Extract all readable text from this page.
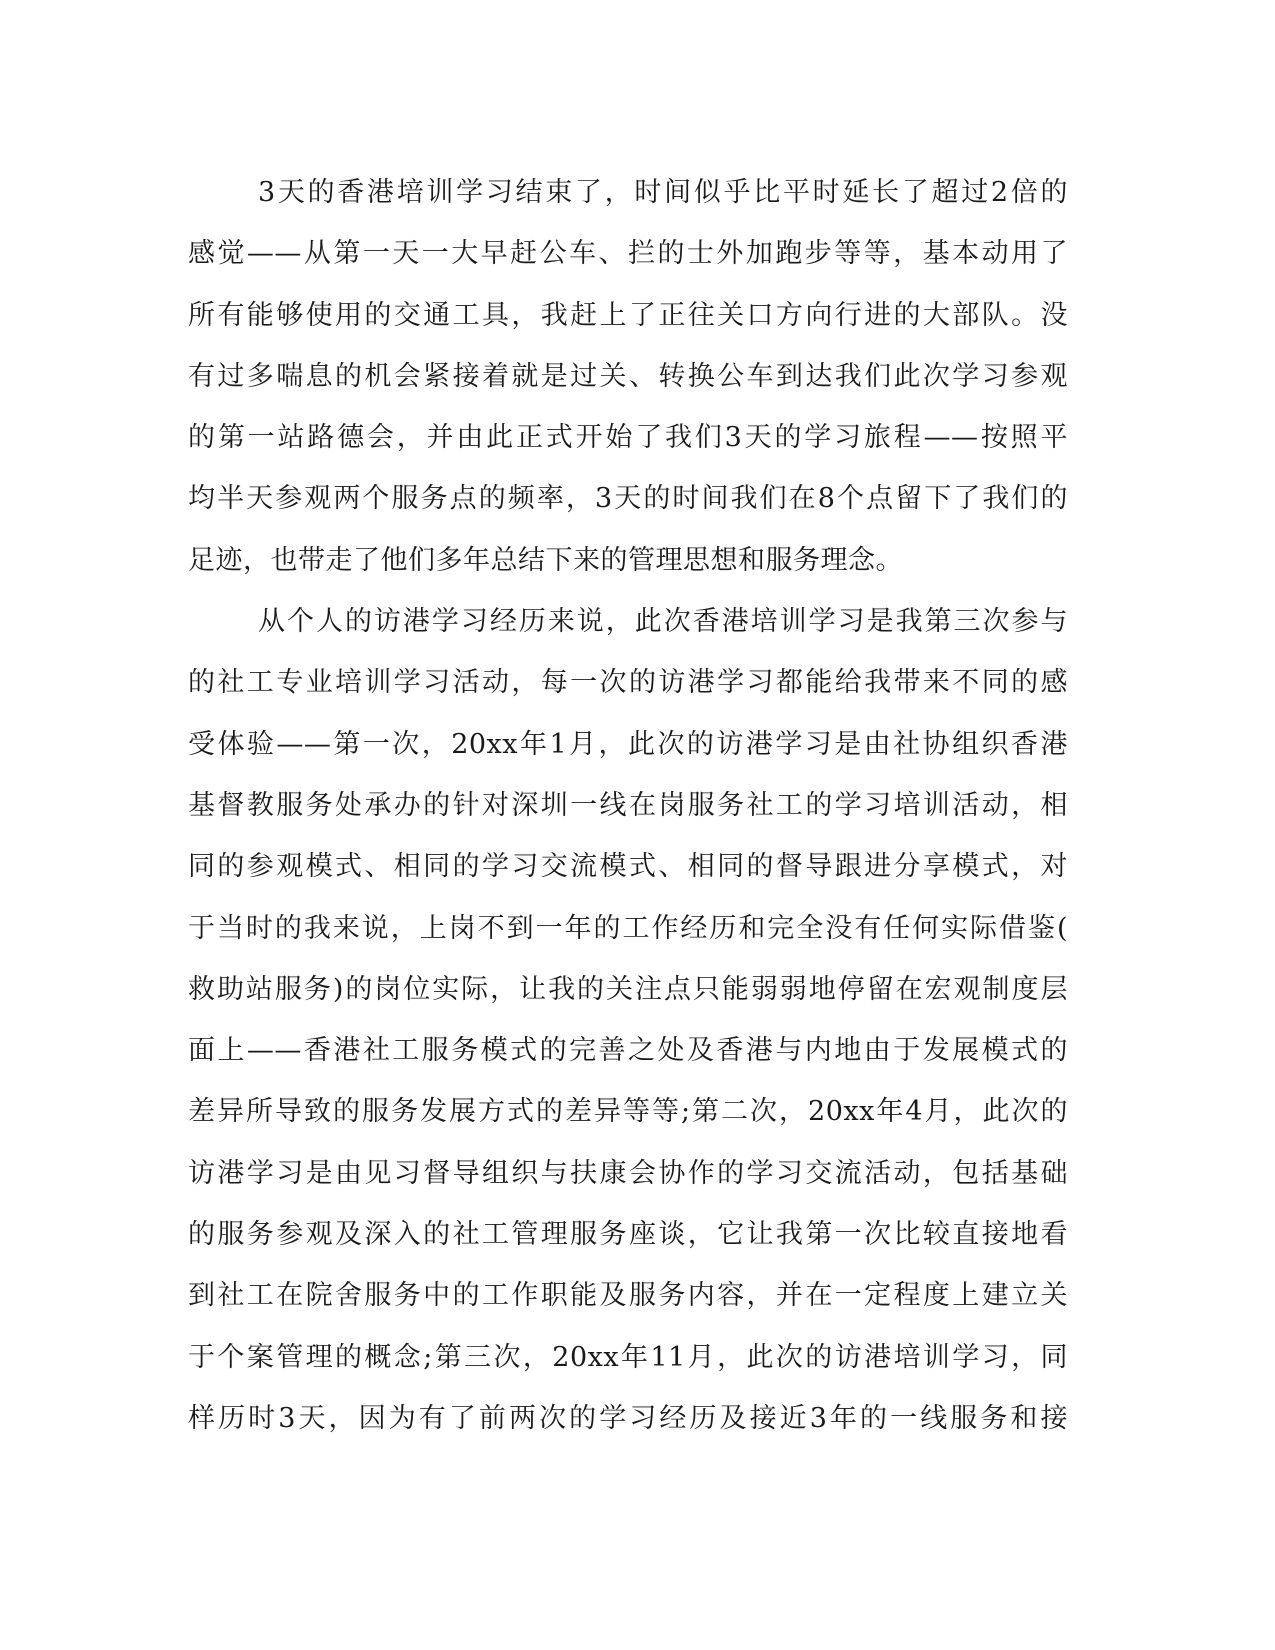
3天的香港培训学习结束了，时间似乎比平时延长了超过2倍的
感觉——从第一天一大早赶公车、拦的士外加跑步等等，基本动用了
所有能够使用的交通工具，我赶上了正往关口方向行进的大部队。没
有过多喘息的机会紧接着就是过关、转换公车到达我们此次学习参观
的第一站路德会，并由此正式开始了我们3天的学习旅程——按照平
均半天参观两个服务点的频率，3天的时间我们在8个点留下了我们的
足迹，也带走了他们多年总结下来的管理思想和服务理念。
从个人的访港学习经历来说，此次香港培训学习是我第三次参与
的社工专业培训学习活动，每一次的访港学习都能给我带来不同的感
受体验——第一次，20xx年1月，此次的访港学习是由社协组织香港
基督教服务处承办的针对深圳一线在岗服务社工的学习培训活动，相
同的参观模式、相同的学习交流模式、相同的督导跟进分享模式，对
于当时的我来说，上岗不到一年的工作经历和完全没有任何实际借鉴(
救助站服务)的岗位实际，让我的关注点只能弱弱地停留在宏观制度层
面上——香港社工服务模式的完善之处及香港与内地由于发展模式的
差异所导致的服务发展方式的差异等等;第二次，20xx年4月，此次的
访港学习是由见习督导组织与扶康会协作的学习交流活动，包括基础
的服务参观及深入的社工管理服务座谈，它让我第一次比较直接地看
到社工在院舍服务中的工作职能及服务内容，并在一定程度上建立关
于个案管理的概念;第三次，20xx年11月，此次的访港培训学习，同
样历时3天，因为有了前两次的学习经历及接近3年的一线服务和接
